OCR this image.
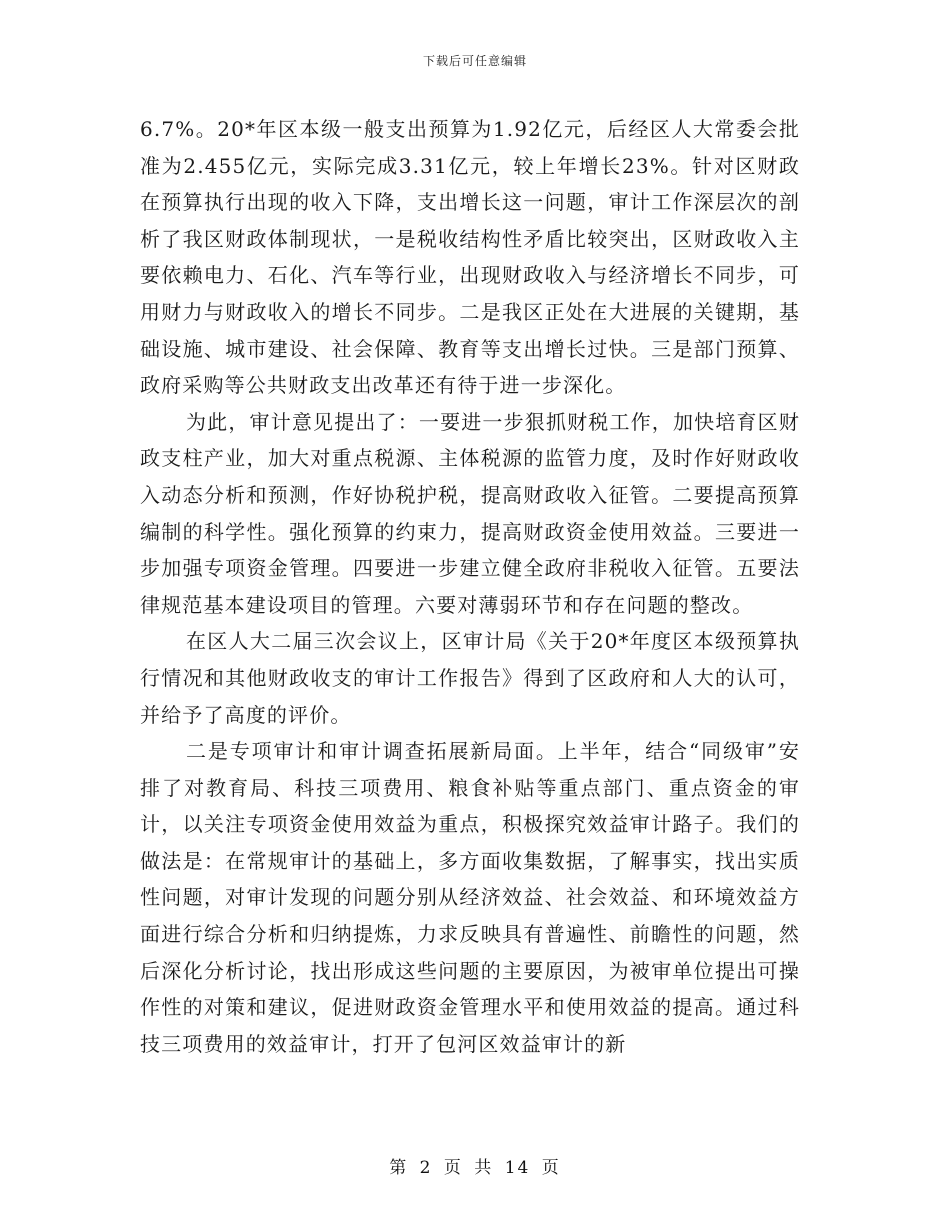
下载后可任意编辑

6.7%。20*年区本级一般支出预算为1.92亿元，后经区人大常委会批准为2.455亿元，实际完成3.31亿元，较上年增长23%。针对区财政在预算执行出现的收入下降，支出增长这一问题，审计工作深层次的剖析了我区财政体制现状，一是税收结构性矛盾比较突出，区财政收入主要依赖电力、石化、汽车等行业，出现财政收入与经济增长不同步，可用财力与财政收入的增长不同步。二是我区正处在大进展的关键期，基础设施、城市建设、社会保障、教育等支出增长过快。三是部门预算、政府采购等公共财政支出改革还有待于进一步深化。

为此，审计意见提出了：一要进一步狠抓财税工作，加快培育区财政支柱产业，加大对重点税源、主体税源的监管力度，及时作好财政收入动态分析和预测，作好协税护税，提高财政收入征管。二要提高预算编制的科学性。强化预算的约束力，提高财政资金使用效益。三要进一步加强专项资金管理。四要进一步建立健全政府非税收入征管。五要法律规范基本建设项目的管理。六要对薄弱环节和存在问题的整改。

在区人大二届三次会议上，区审计局《关于20*年度区本级预算执行情况和其他财政收支的审计工作报告》得到了区政府和人大的认可，并给予了高度的评价。

二是专项审计和审计调查拓展新局面。上半年，结合“同级审”安排了对教育局、科技三项费用、粮食补贴等重点部门、重点资金的审计，以关注专项资金使用效益为重点，积极探究效益审计路子。我们的做法是：在常规审计的基础上，多方面收集数据，了解事实，找出实质性问题，对审计发现的问题分别从经济效益、社会效益、和环境效益方面进行综合分析和归纳提炼，力求反映具有普遍性、前瞻性的问题，然后深化分析讨论，找出形成这些问题的主要原因，为被审单位提出可操作性的对策和建议，促进财政资金管理水平和使用效益的提高。通过科技三项费用的效益审计，打开了包河区效益审计的新

第 2 页 共 14 页
